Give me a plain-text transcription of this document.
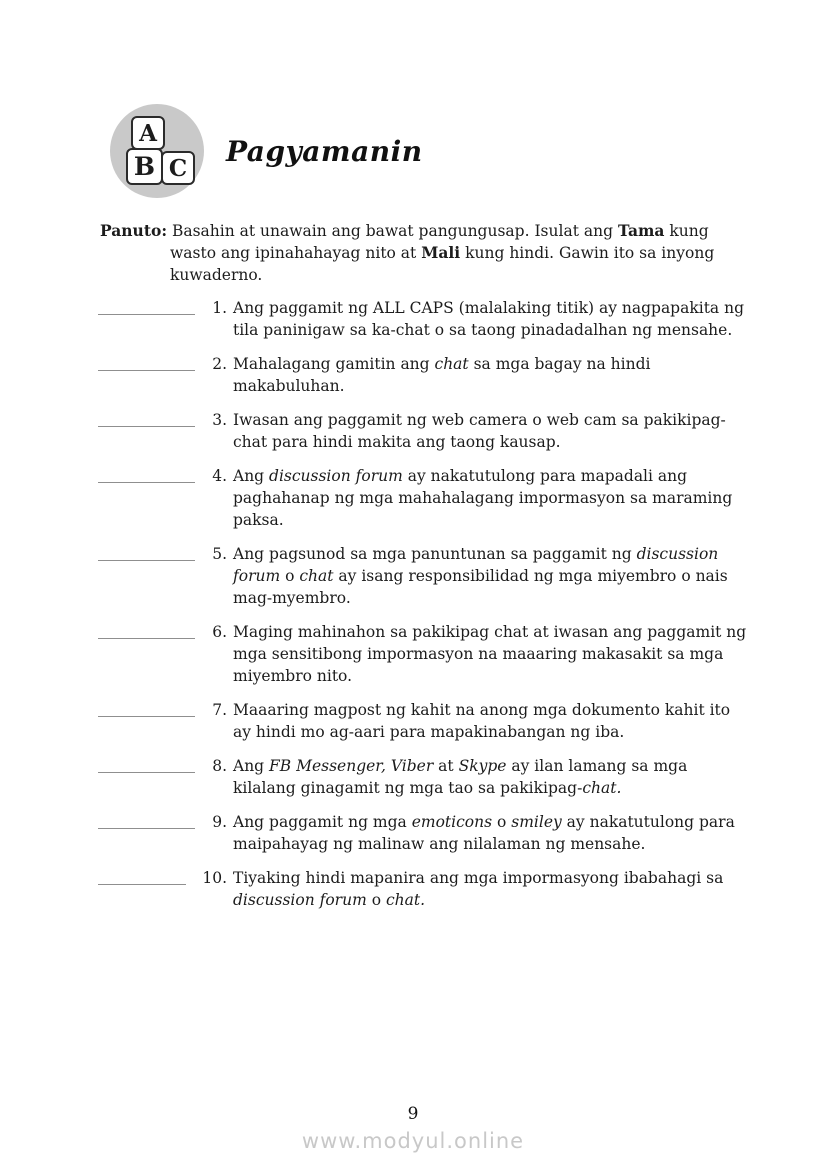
A
B C
Pagyamanin

Panuto: Basahin at unawain ang bawat pangungusap. Isulat ang Tama kung wasto ang ipinahahayag nito at Mali kung hindi. Gawin ito sa inyong kuwaderno.

1. Ang paggamit ng ALL CAPS (malalaking titik) ay nagpapakita ng tila paninigaw sa ka-chat o sa taong pinadadalhan ng mensahe.
2. Mahalagang gamitin ang chat sa mga bagay na hindi makabuluhan.
3. Iwasan ang paggamit ng web camera o web cam sa pakikipag-chat para hindi makita ang taong kausap.
4. Ang discussion forum ay nakatutulong para mapadali ang paghahanap ng mga mahahalagang impormasyon sa maraming paksa.
5. Ang pagsunod sa mga panuntunan sa paggamit ng discussion forum o chat ay isang responsibilidad ng mga miyembro o nais mag-myembro.
6. Maging mahinahon sa pakikipag chat at iwasan ang paggamit ng mga sensitibong impormasyon na maaaring makasakit sa mga miyembro nito.
7. Maaaring magpost ng kahit na anong mga dokumento kahit ito ay hindi mo ag-aari para mapakinabangan ng iba.
8. Ang FB Messenger, Viber at Skype ay ilan lamang sa mga kilalang ginagamit ng mga tao sa pakikipag-chat.
9. Ang paggamit ng mga emoticons o smiley ay nakatutulong para maipahayag ng malinaw ang nilalaman ng mensahe.
10. Tiyaking hindi mapanira ang mga impormasyong ibabahagi sa discussion forum o chat.
9
www.modyul.online
